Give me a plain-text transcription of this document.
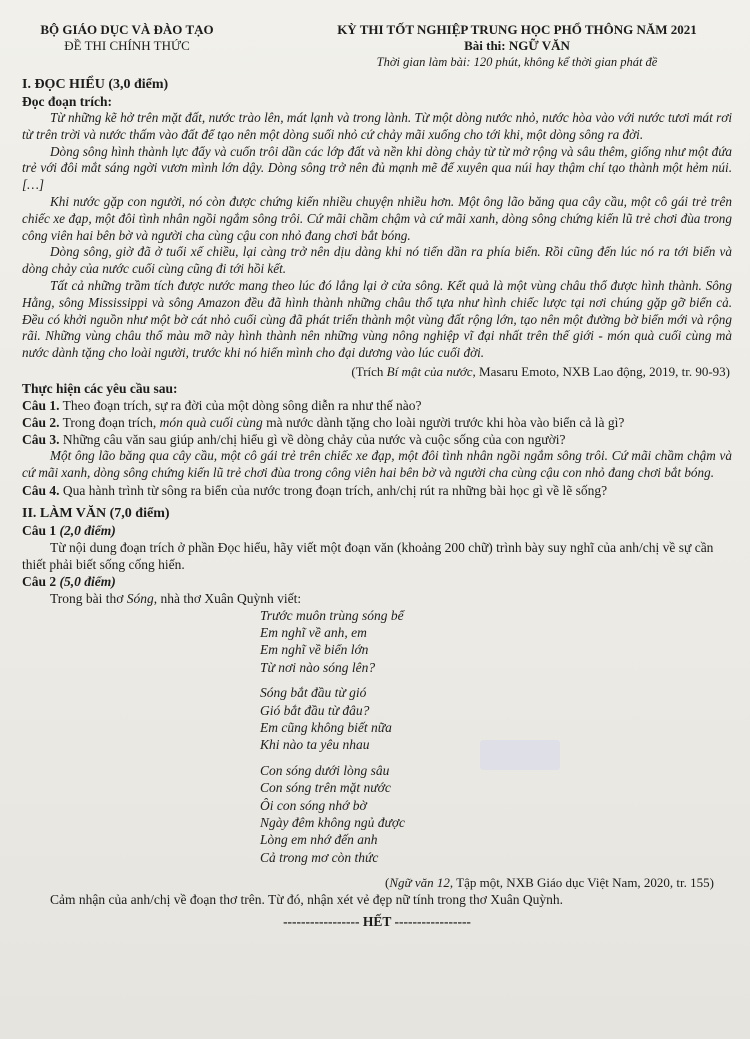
BỘ GIÁO DỤC VÀ ĐÀO TẠO
ĐỀ THI CHÍNH THỨC
KỲ THI TỐT NGHIỆP TRUNG HỌC PHỔ THÔNG NĂM 2021
Bài thi: NGỮ VĂN
Thời gian làm bài: 120 phút, không kể thời gian phát đề
I. ĐỌC HIỂU (3,0 điểm)
Đọc đoạn trích:

Từ những kẽ hở trên mặt đất, nước trào lên, mát lạnh và trong lành. Từ một dòng nước nhỏ, nước hòa vào với nước tươi mát rơi từ trên trời và nước thấm vào đất để tạo nên một dòng suối nhỏ cứ chảy mãi xuống cho tới khi, một dòng sông ra đời.

Dòng sông hình thành lực đẩy và cuốn trôi dần các lớp đất và nền khi dòng chảy từ từ mở rộng và sâu thêm, giống như một đứa trẻ với đôi mắt sáng ngời vươn mình lớn dậy. Dòng sông trở nên đủ mạnh mẽ để xuyên qua núi hay thậm chí tạo thành một hẻm núi.[…]

Khi nước gặp con người, nó còn được chứng kiến nhiều chuyện nhiều hơn. Một ông lão băng qua cây cầu, một cô gái trẻ trên chiếc xe đạp, một đôi tình nhân ngồi ngắm sông trôi. Cứ mãi chầm chậm và cứ mãi xanh, dòng sông chứng kiến lũ trẻ chơi đùa trong công viên hai bên bờ và người cha cùng cậu con nhỏ đang chơi bắt bóng.

Dòng sông, giờ đã ở tuổi xế chiều, lại càng trở nên dịu dàng khi nó tiến dần ra phía biển. Rồi cũng đến lúc nó ra tới biển và dòng chảy của nước cuối cùng cũng đi tới hồi kết.

Tất cả những trầm tích được nước mang theo lúc đó lắng lại ở cửa sông. Kết quả là một vùng châu thổ được hình thành. Sông Hằng, sông Mississippi và sông Amazon đều đã hình thành những châu thổ tựa như hình chiếc lược tại nơi chúng gặp gỡ biển cả. Đều có khởi nguồn như một bờ cát nhỏ cuối cùng đã phát triển thành một vùng đất rộng lớn, tạo nên một đường bờ biển mới và rộng rãi. Những vùng châu thổ màu mỡ này hình thành nên những vùng nông nghiệp vĩ đại nhất trên thế giới - món quà cuối cùng mà nước dành tặng cho loài người, trước khi nó hiến mình cho đại dương vào lúc cuối đời.

(Trích Bí mật của nước, Masaru Emoto, NXB Lao động, 2019, tr. 90-93)
Thực hiện các yêu cầu sau:

Câu 1. Theo đoạn trích, sự ra đời của một dòng sông diễn ra như thế nào?

Câu 2. Trong đoạn trích, món quà cuối cùng mà nước dành tặng cho loài người trước khi hòa vào biển cả là gì?

Câu 3. Những câu văn sau giúp anh/chị hiểu gì về dòng chảy của nước và cuộc sống của con người?

Một ông lão băng qua cây cầu, một cô gái trẻ trên chiếc xe đạp, một đôi tình nhân ngồi ngắm sông trôi. Cứ mãi chầm chậm và cứ mãi xanh, dòng sông chứng kiến lũ trẻ chơi đùa trong công viên hai bên bờ và người cha cùng cậu con nhỏ đang chơi bắt bóng.

Câu 4. Qua hành trình từ sông ra biển của nước trong đoạn trích, anh/chị rút ra những bài học gì về lẽ sống?

II. LÀM VĂN (7,0 điểm)
Câu 1 (2,0 điểm)

Từ nội dung đoạn trích ở phần Đọc hiểu, hãy viết một đoạn văn (khoảng 200 chữ) trình bày suy nghĩ của anh/chị về sự cần thiết phải biết sống cống hiến.

Câu 2 (5,0 điểm)

Trong bài thơ Sóng, nhà thơ Xuân Quỳnh viết:

Trước muôn trùng sóng bể
Em nghĩ về anh, em
Em nghĩ về biển lớn
Từ nơi nào sóng lên?
Sóng bắt đầu từ gió
Gió bắt đầu từ đâu?
Em cũng không biết nữa
Khi nào ta yêu nhau
Con sóng dưới lòng sâu
Con sóng trên mặt nước
Ôi con sóng nhớ bờ
Ngày đêm không ngủ được
Lòng em nhớ đến anh
Cả trong mơ còn thức
(Ngữ văn 12, Tập một, NXB Giáo dục Việt Nam, 2020, tr. 155)

Cảm nhận của anh/chị về đoạn thơ trên. Từ đó, nhận xét vẻ đẹp nữ tính trong thơ Xuân Quỳnh.

----------------- HẾT -----------------
